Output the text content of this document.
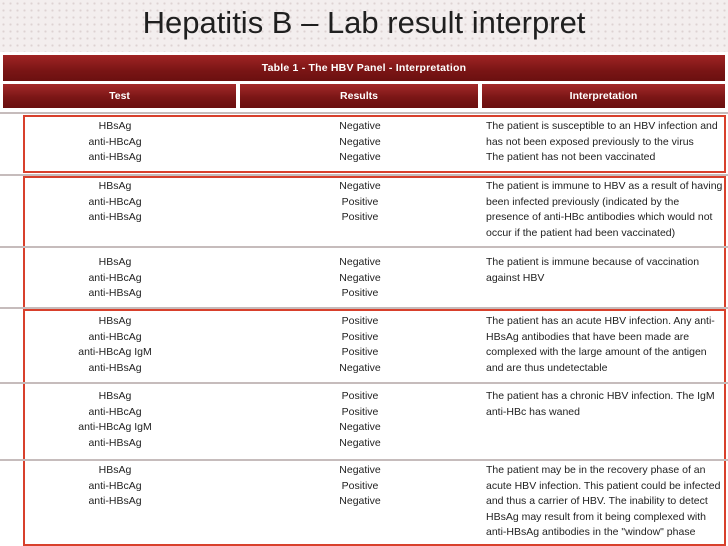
Hepatitis B – Lab result interpret
Table 1 - The HBV Panel - Interpretation
Test	Results	Interpretation
HBsAg
anti-HBcAg
anti-HBsAg
Negative
Negative
Negative
The patient is susceptible to an HBV infection and
has not been exposed previously to the virus
The patient has not been vaccinated
HBsAg
anti-HBcAg
anti-HBsAg
Negative
Positive
Positive
The patient is immune to HBV as a result of having
been infected previously (indicated by the
presence of anti-HBc antibodies which would not
occur if the patient had been vaccinated)
HBsAg
anti-HBcAg
anti-HBsAg
Negative
Negative
Positive
The patient is immune because of vaccination
against HBV
HBsAg
anti-HBcAg
anti-HBcAg IgM
anti-HBsAg
Positive
Positive
Positive
Negative
The patient has an acute HBV infection. Any anti-
HBsAg antibodies that have been made are
complexed with the large amount of the antigen
and are thus undetectable
HBsAg
anti-HBcAg
anti-HBcAg IgM
anti-HBsAg
Positive
Positive
Negative
Negative
The patient has a chronic HBV infection. The IgM
anti-HBc has waned
HBsAg
anti-HBcAg
anti-HBsAg
Negative
Positive
Negative
The patient may be in the recovery phase of an
acute HBV infection. This patient could be infected
and thus a carrier of HBV. The inability to detect
HBsAg may result from it being complexed with
anti-HBsAg antibodies in the "window" phase
